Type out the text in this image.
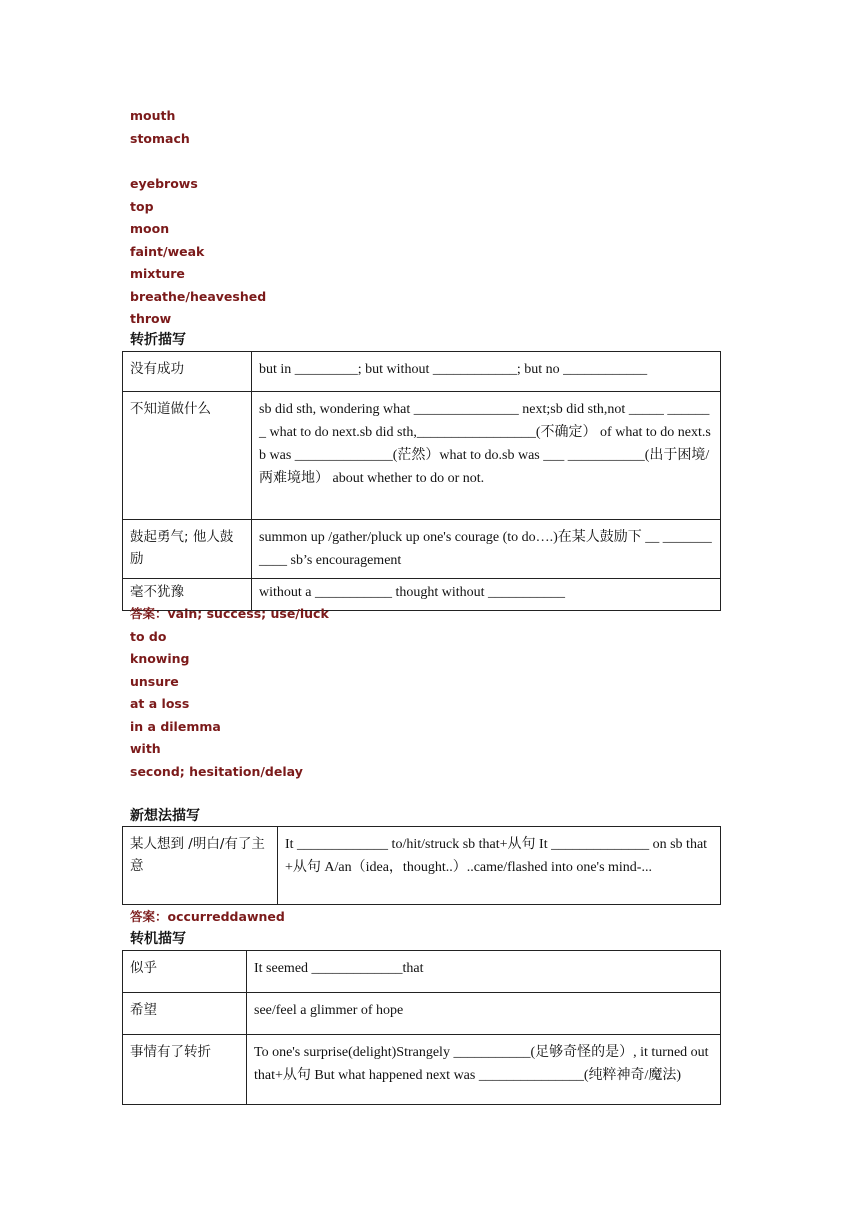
mouth
stomach
eyebrows
top
moon
faint/weak
mixture
breathe/heaveshed
throw
转折描写
没有成功	but in _________; but without ____________; but no ____________
不知道做什么	sb did sth, wondering what _______________ next;sb did sth,not _____ _______ what to do next.sb did sth,_________________(不确定） of what to do next.sb was ______________(茫然）what to do.sb was ___ ___________(出于困境/两难境地） about whether to do or not.
鼓起勇气; 他人鼓励	summon up /gather/pluck up one's courage (to do….)在某人鼓励下 __ ___________ sb’s encouragement
毫不犹豫	without a ___________ thought without ___________
答案：vain; success; use/luck
to do
knowing
unsure
at a loss
in a dilemma
with
second; hesitation/delay
新想法描写
某人想到 /明白/有了主意	It _____________ to/hit/struck sb that+从句 It ______________ on sb that+从句 A/an（idea，thought..）..came/flashed into one's mind-...
答案：occurreddawned
转机描写
似乎	It seemed _____________that
希望	see/feel a glimmer of hope
事情有了转折	To one's surprise(delight)Strangely ___________(足够奇怪的是）, it turned out that+从句 But what happened next was _______________(纯粹神奇/魔法)
